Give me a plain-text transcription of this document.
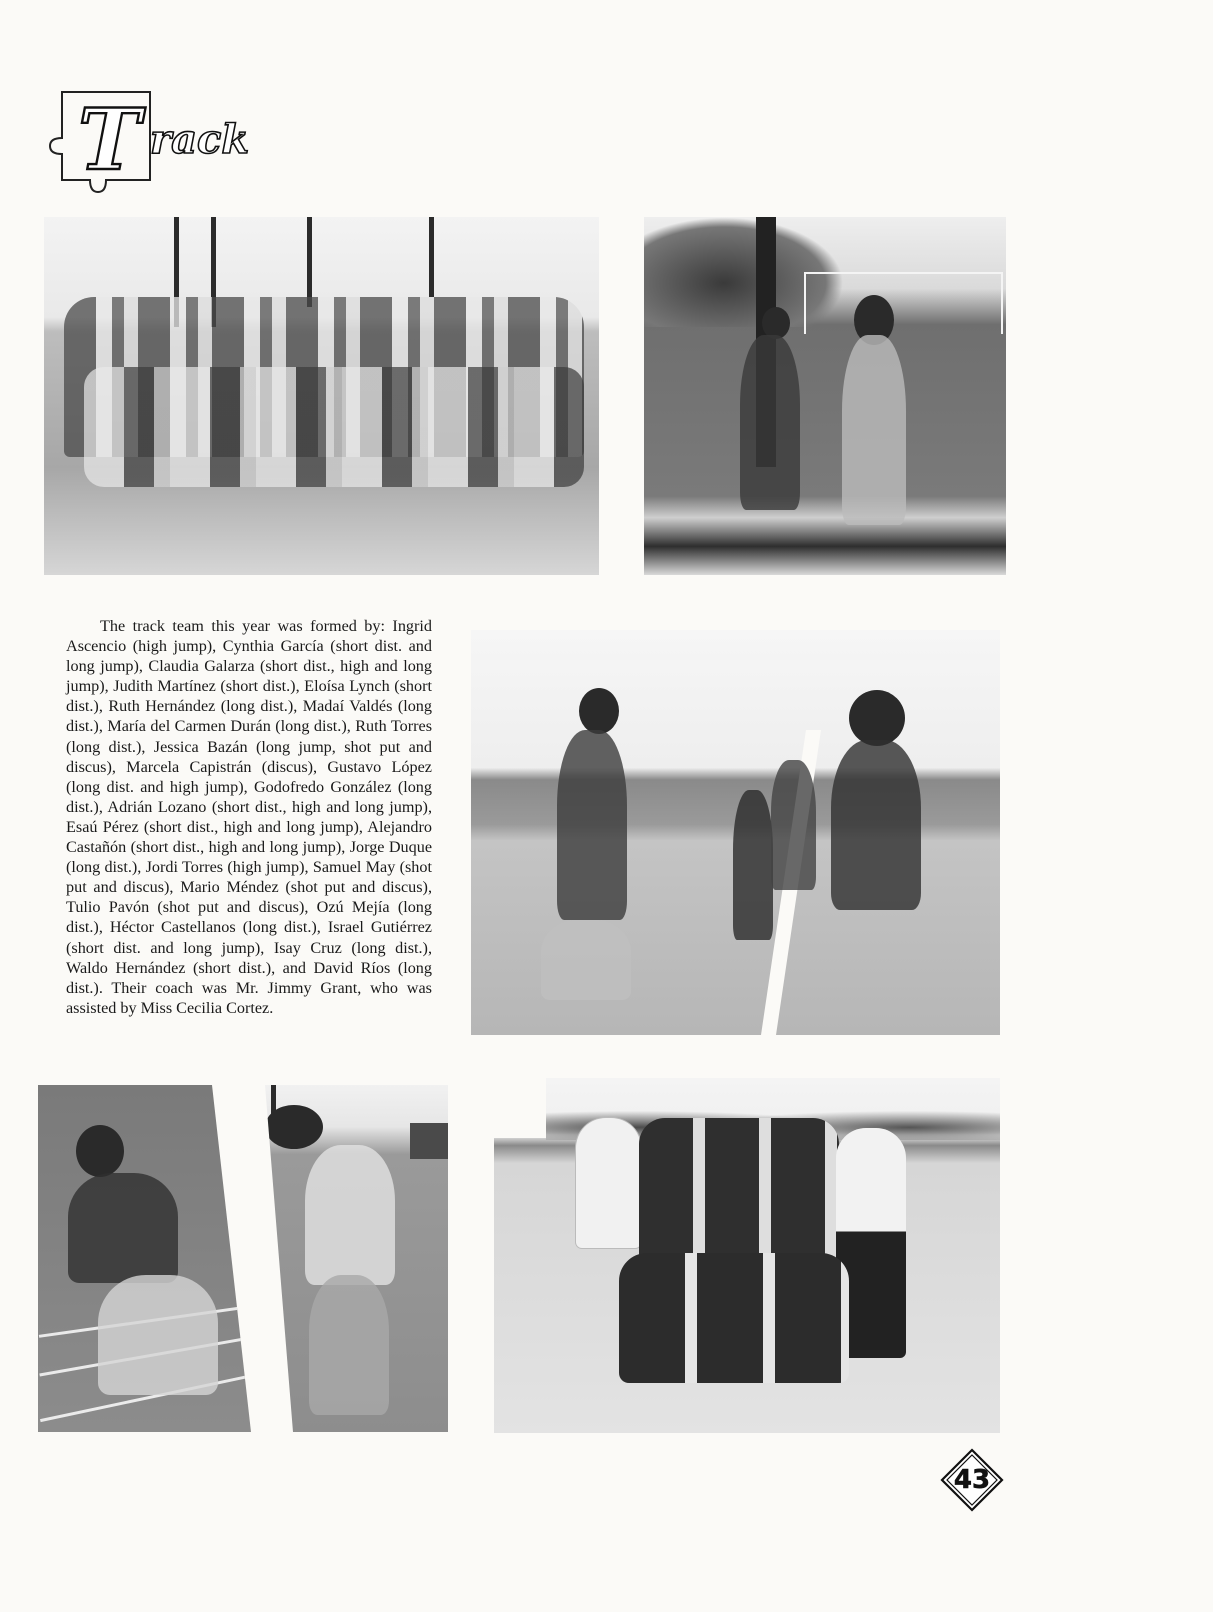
T rack

The track team this year was formed by: Ingrid Ascencio (high jump), Cynthia García (short dist. and long jump), Claudia Galarza (short dist., high and long jump), Judith Martínez (short dist.), Eloísa Lynch (short dist.), Ruth Hernández (long dist.), Madaí Valdés (long dist.), María del Carmen Durán (long dist.), Ruth Torres (long dist.), Jessica Bazán (long jump, shot put and discus), Marcela Capistrán (discus), Gustavo López (long dist. and high jump), Godofredo González (long dist.), Adrián Lozano (short dist., high and long jump), Esaú Pérez (short dist., high and long jump), Alejandro Castañón (short dist., high and long jump), Jorge Duque (long dist.), Jordi Torres (high jump), Samuel May (shot put and discus), Mario Méndez (shot put and discus), Tulio Pavón (shot put and discus), Ozú Mejía (long dist.), Héctor Castellanos (long dist.), Israel Gutiérrez (short dist. and long jump), Isay Cruz (long dist.), Waldo Hernández (short dist.), and David Ríos (long dist.). Their coach was Mr. Jimmy Grant, who was assisted by Miss Cecilia Cortez.

43
